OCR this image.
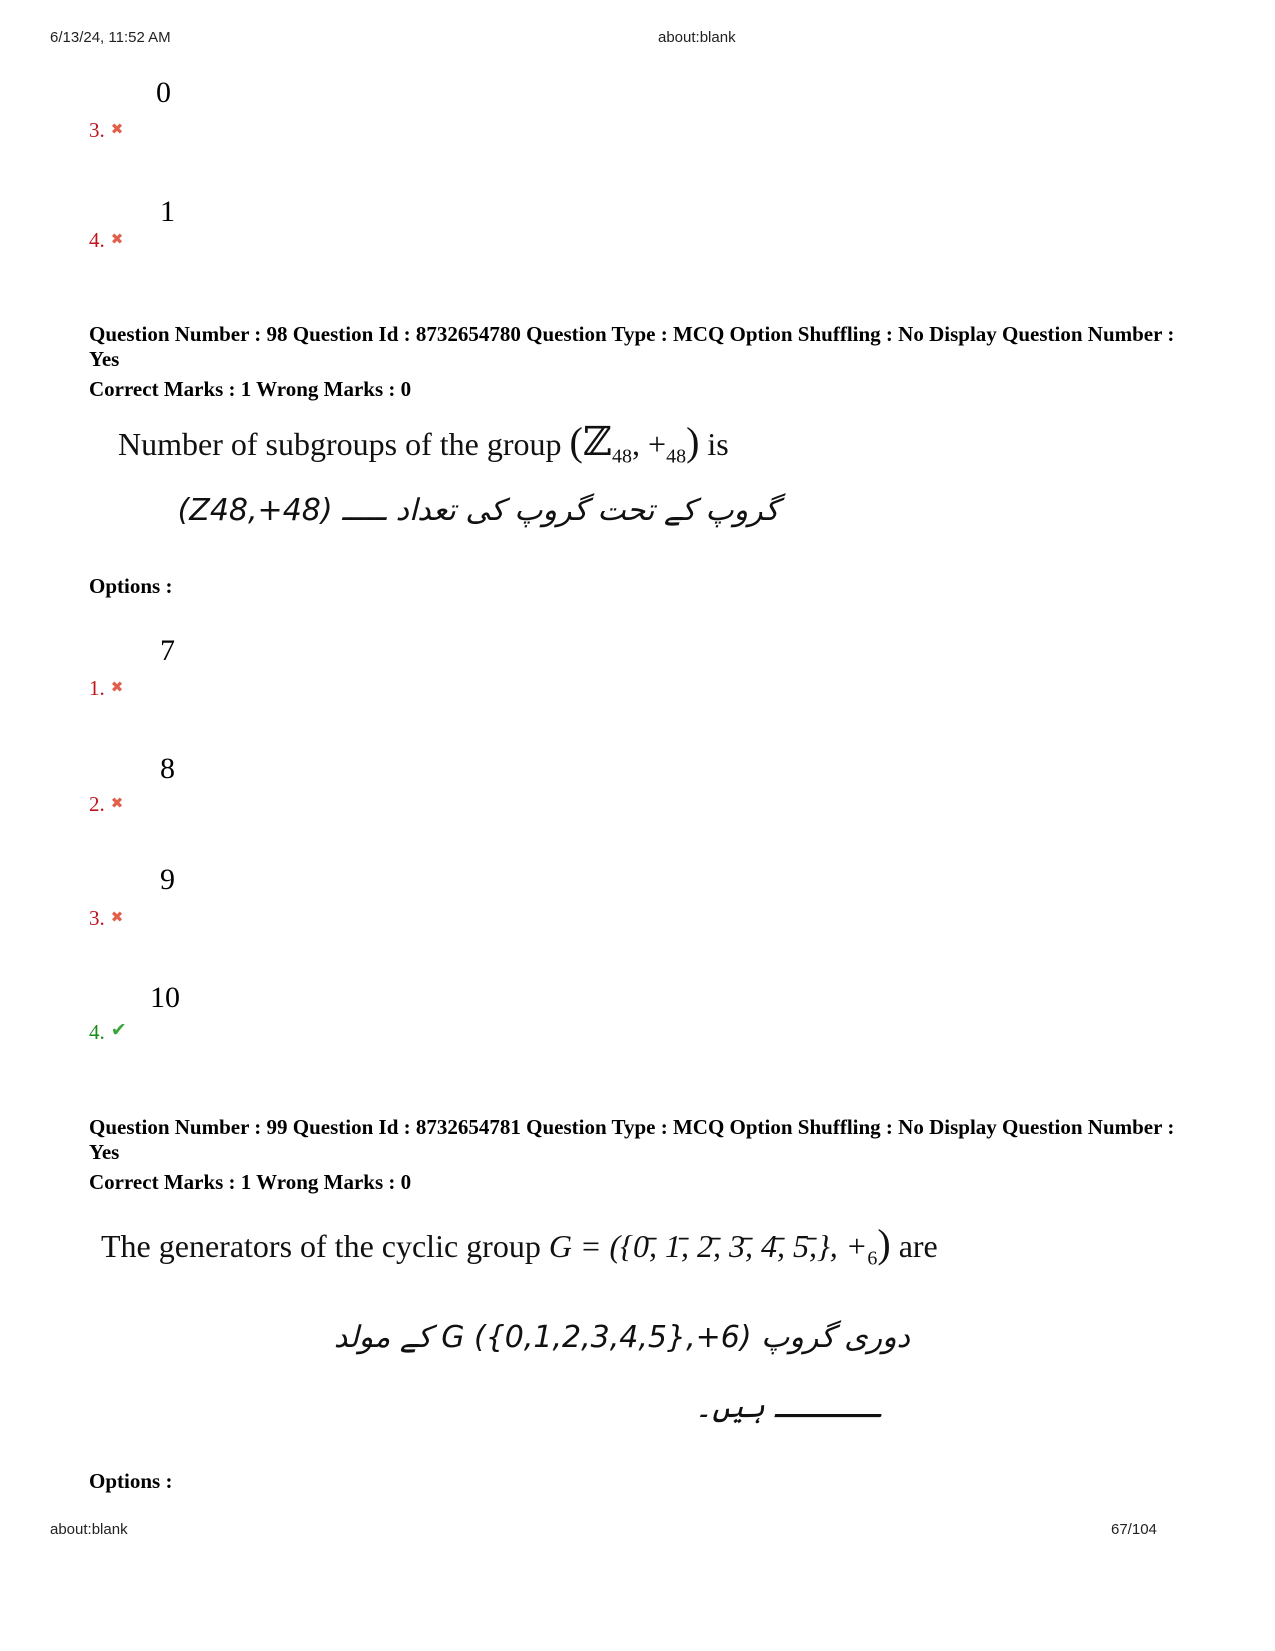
6/13/24, 11:52 AM	about:blank
0
3. ✖
1
4. ✖
Question Number : 98 Question Id : 8732654780 Question Type : MCQ Option Shuffling : No Display Question Number : Yes
Correct Marks : 1 Wrong Marks : 0
Number of subgroups of the group (ℤ$_{48}$, $+_{48}$) is
گروپ کے تحت گروپ کی تعداد ـــــ (Z48,+48)
Options :
7
1. ✖
8
2. ✖
9
3. ✖
10
4. ✔
Question Number : 99 Question Id : 8732654781 Question Type : MCQ Option Shuffling : No Display Question Number : Yes
Correct Marks : 1 Wrong Marks : 0
The generators of the cyclic group G = ({0̄, 1̄, 2̄, 3̄, 4̄, 5̄,}, $+_6$) are
دوری گروپ G ({0,1,2,3,4,5},+6) کے مولد
ــــــ ہیں۔
Options :
about:blank	67/104
